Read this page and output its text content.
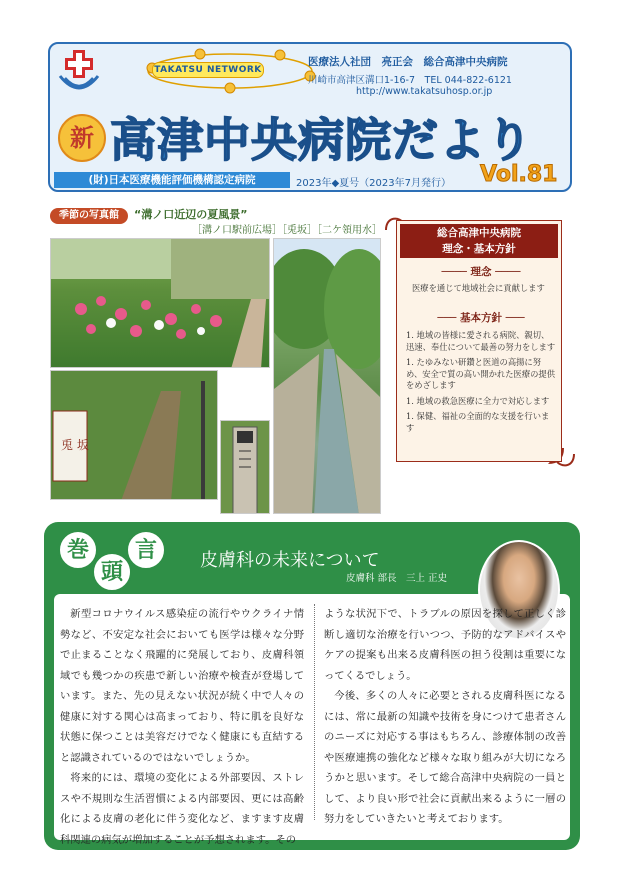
TAKATSU NETWORK
医療法人社団　亮正会　総合高津中央病院
川崎市高津区溝口1-16-7　TEL 044-822-6121
http://www.takatsuhosp.or.jp
新 高津中央病院だより
(財)日本医療機能評価機構認定病院	2023年◆夏号（2023年7月発行） Vol.81
季節の写真館	“溝ノ口近辺の夏風景”
［溝ノ口駅前広場］［兎坂］［二ケ領用水］
兎 坂
総合高津中央病院
理念・基本方針
──── 理念 ────
医療を通じて地域社会に貢献します
─── 基本方針 ───
1. 地域の皆様に愛される病院、親切、迅速、奉仕について最善の努力をします
1. たゆみない研鑽と医道の高揚に努め、安全で質の高い開かれた医療の提供をめざします
1. 地域の救急医療に全力で対応します
1. 保健、福祉の全面的な支援を行います
巻
頭
言	皮膚科の未来について
皮膚科 部長　三上 正史

新型コロナウイルス感染症の流行やウクライナ情勢など、不安定な社会においても医学は様々な分野で止まることなく飛躍的に発展しており、皮膚科領域でも幾つかの疾患で新しい治療や検査が登場しています。また、先の見えない状況が続く中で人々の健康に対する関心は高まっており、特に肌を良好な状態に保つことは美容だけでなく健康にも直結すると認識されているのではないでしょうか。

将来的には、環境の変化による外部要因、ストレスや不規則な生活習慣による内部要因、更には高齢化による皮膚の老化に伴う変化など、ますます皮膚科関連の病気が増加することが予想されます。その

ような状況下で、トラブルの原因を探して正しく診断し適切な治療を行いつつ、予防的なアドバイスやケアの提案も出来る皮膚科医の担う役割は重要になってくるでしょう。

今後、多くの人々に必要とされる皮膚科医になるには、常に最新の知識や技術を身につけて患者さんのニーズに対応する事はもちろん、診療体制の改善や医療連携の強化など様々な取り組みが大切になろうかと思います。そして総合高津中央病院の一員として、より良い形で社会に貢献出来るように一層の努力をしていきたいと考えております。
